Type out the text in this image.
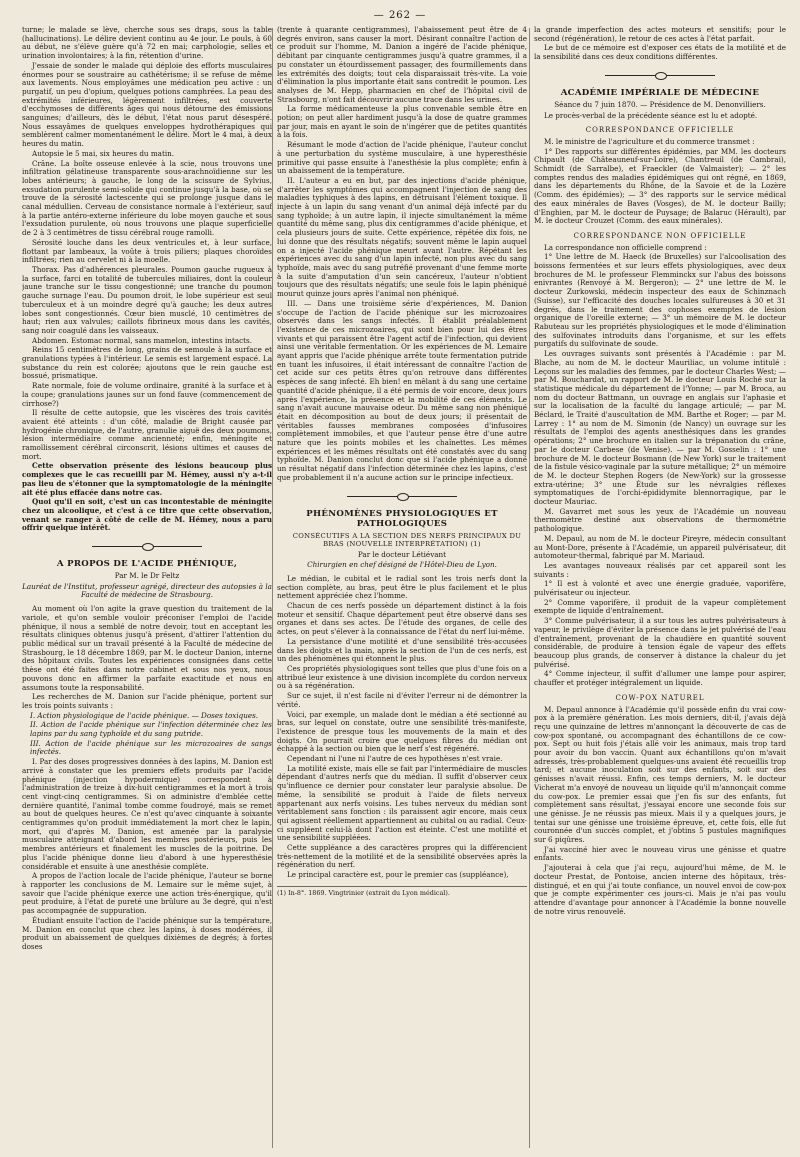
— 262 —

turne; le malade se lève, cherche sous ses draps, sous la table (hallucinations). Le délire devient continu au 4e jour. Le pouls, à 60 au début, ne s'élève guère qu'à 72 en mai; carphologie, selles et urination involontaires; à la fin, rétention d'urine.

J'essaie de sonder le malade qui déploie des efforts musculaires énormes pour se soustraire au cathétérisme; il se refuse de même aux lavements. Nous employâmes une médication peu active : un purgatif, un peu d'opium, quelques potions camphrées. La peau des extrémités inférieures, légèrement infiltrées, est couverte d'ecchymoses de différents âges qui nous détourne des émissions sanguines; d'ailleurs, dès le début, l'état nous parut désespéré. Nous essayâmes de quelques enveloppes hydrothérapiques qui semblèrent calmer momentanément le délire. Mort le 4 mai, à deux heures du matin.

Autopsie le 5 mai, six heures du matin.

Crâne. La boîte osseuse enlevée à la scie, nous trouvons une infiltration gélatineuse transparente sous-arachnoïdienne sur les lobes antérieurs; à gauche, le long de la scissure de Sylvius, exsudation purulente semi-solide qui continue jusqu'à la base, où se trouve de la sérosité lactescente qui se prolonge jusque dans le canal médullien. Cerveau de consistance normale à l'extérieur, sauf à la partie antéro-externe inférieure du lobe moyen gauche et sous l'exsudation purulente, où nous trouvons une plaque superficielle de 2 à 3 centimètres de tissu cérébral rouge ramolli.

Sérosité louche dans les deux ventricules et, à leur surface, flottant par lambeaux, la voûte à trois piliers; plaques choroïdes infiltrées; rien au cervelet ni à la moelle.

Thorax. Pas d'adhérences pleurales. Poumon gauche rugueux à la surface, farci en totalité de tubercules miliaires, dont la couleur jaune tranche sur le tissu congestionné; une tranche du poumon gauche surnage l'eau. Du poumon droit, le lobe supérieur est seul tuberculeux et à un moindre degré qu'à gauche; les deux autres lobes sont congestionnés. Cœur bien musclé, 10 centimètres de haut; rien aux valvules; caillots fibrineux mous dans les cavités, sang noir coagulé dans les vaisseaux.

Abdomen. Estomac normal, sans mamelon, intestins intacts.

Reins 15 centimètres de long, grains de semoule à la surface et granulations typées à l'intérieur. Le semis est largement espacé. La substance du rein est colorée; ajoutons que le rein gauche est bossué, prismatique.

Rate normale, foie de volume ordinaire, granité à la surface et à la coupe; granulations jaunes sur un fond fauve (commencement de cirrhose?)

Il résulte de cette autopsie, que les viscères des trois cavités avaient été atteints : d'un côté, maladie de Bright causée par hydrogénie chronique, de l'autre, granulie aiguë des deux poumons, lésion intermédiaire comme ancienneté; enfin, méningite et ramollissement cérébral circonscrit, lésions ultimes et causes de mort.

Cette observation présente des lésions beaucoup plus complexes que le cas recueilli par M. Hémey, aussi n'y a-t-il pas lieu de s'étonner que la symptomatologie de la méningite ait été plus effacée dans notre cas.

Quoi qu'il en soit, c'est un cas incontestable de méningite chez un alcoolique, et c'est à ce titre que cette observation, venant se ranger à côté de celle de M. Hémey, nous a paru offrir quelque intérêt.

A PROPOS DE L'ACIDE PHÉNIQUE,

Par M. le Dr Feltz

Lauréat de l'Institut, professeur agrégé, directeur des autopsies à la Faculté de médecine de Strasbourg.

Au moment où l'on agite la grave question du traitement de la variole, et qu'on semble vouloir préconiser l'emploi de l'acide phénique, il nous a semblé de notre devoir, tout en acceptant les résultats cliniques obtenus jusqu'à présent, d'attirer l'attention du public médical sur un travail présenté à la Faculté de médecine de Strasbourg, le 18 décembre 1869, par M. le docteur Danion, interne des hôpitaux civils. Toutes les expériences consignées dans cette thèse ont été faites dans notre cabinet et sous nos yeux, nous pouvons donc en affirmer la parfaite exactitude et nous en assumons toute la responsabilité.

Les recherches de M. Danion sur l'acide phénique, portent sur les trois points suivants :

I. Action physiologique de l'acide phénique. — Doses toxiques.

II. Action de l'acide phénique sur l'infection déterminée chez les lapins par du sang typhoïde et du sang putride.

III. Action de l'acide phénique sur les microzoaires de sangs infectés.

I. Par des doses progressives données à des lapins, M. Danion est arrivé à constater que les premiers effets produits par l'acide phénique (injection hypodermique) correspondent à l'administration de treize à dix-huit centigrammes et la mort à trois cent vingt-cinq centigrammes. Si on administre d'emblée cette dernière quantité, l'animal tombe comme foudroyé, mais se remet au bout de quelques heures. Ce n'est qu'avec cinquante à soixante centigrammes qu'on produit immédiatement la mort chez le lapin, mort, qui d'après M. Danion, est amenée par la paralysie musculaire atteignant d'abord les membres postérieurs, puis les membres antérieurs et finalement les muscles de la poitrine. De plus l'acide phénique donne lieu d'abord à une hyperesthésie considérable et ensuite à une anesthésie complète.

A propos de l'action locale de l'acide phénique, l'auteur se borne à rapporter les conclusions de M. Lemaire sur le même sujet, à savoir que l'acide phénique exerce une action très-énergique, qu'il peut produire, à l'état de pureté une brûlure au 3e degré, qui n'est pas accompagnée de suppuration.

Étudiant ensuite l'action de l'acide phénique sur la température, M. Danion en conclut que chez les lapins, à doses modérées, il produit un abaissement de quelques dixièmes de degrés; à fortes doses

(trente à quarante centigrammes), l'abaissement peut être de 4 degrés environ, sans causer la mort. Désirant connaître l'action de ce produit sur l'homme, M. Danion a ingéré de l'acide phénique, débitant par cinquante centigrammes jusqu'à quatre grammes, il a pu constater un étourdissement passager, des fourmillements dans les extrémités des doigts; tout cela disparaissait très-vite. La voie d'élimination la plus importante était sans contredit le poumon. Les analyses de M. Hepp, pharmacien en chef de l'hôpital civil de Strasbourg, n'ont fait découvrir aucune trace dans les urines.

La forme médicamenteuse la plus convenable semble être en potion; on peut aller hardiment jusqu'à la dose de quatre grammes par jour, mais en ayant le soin de n'ingérer que de petites quantités à la fois.

Résumant le mode d'action de l'acide phénique, l'auteur conclut à une perturbation du système musculaire, à une hyperesthésie primitive qui passe ensuite à l'anesthésie la plus complète; enfin à un abaissement de la température.

II. L'auteur a eu en but, par des injections d'acide phénique, d'arrêter les symptômes qui accompagnent l'injection de sang des maladies typhiques à des lapins, en détruisant l'élément toxique. Il injecte à un lapin du sang venant d'un animal déjà infecté par du sang typhoïde; à un autre lapin, il injecte simultanément la même quantité du même sang, plus dix centigrammes d'acide phénique, et cela plusieurs jours de suite. Cette expérience, répétée dix fois, ne lui donne que des résultats négatifs; souvent même le lapin auquel on a injecté l'acide phénique meurt avant l'autre. Répétant les expériences avec du sang d'un lapin infecté, non plus avec du sang typhoïde, mais avec du sang putréfié provenant d'une femme morte à la suite d'amputation d'un sein cancéreux, l'auteur n'obtient toujours que des résultats négatifs; une seule fois le lapin phéniqué mourut quinze jours après l'animal non phéniqué.

III. — Dans une troisième série d'expériences, M. Danion s'occupe de l'action de l'acide phénique sur les microzoaires observés dans les sangs infectés. Il établit préalablement l'existence de ces microzoaires, qui sont bien pour lui des êtres vivants et qui paraissent être l'agent actif de l'infection, qui devient ainsi une véritable fermentation. Or les expériences de M. Lemaire ayant appris que l'acide phénique arrête toute fermentation putride en tuant les infusoires, il était intéressant de connaître l'action de cet acide sur ces petits êtres qu'on retrouve dans différentes espèces de sang infecté. Eh bien! en mêlant à du sang une certaine quantité d'acide phénique, il a été permis de voir encore, deux jours après l'expérience, la présence et la mobilité de ces éléments. Le sang n'avait aucune mauvaise odeur. Du même sang non phéniqué était en décomposition au bout de deux jours; il présentait de véritables fausses membranes composées d'infusoires complètement immobiles, et que l'auteur pense être d'une autre nature que les points mobiles et les chaînettes. Les mêmes expériences et les mêmes résultats ont été constatés avec du sang typhoïde. M. Danion conclut donc que si l'acide phénique a donné un résultat négatif dans l'infection déterminée chez les lapins, c'est que probablement il n'a aucune action sur le principe infectieux.

PHÉNOMÈNES PHYSIOLOGIQUES ET PATHOLOGIQUES

CONSÉCUTIFS A LA SECTION DES NERFS PRINCIPAUX DU BRAS (NOUVELLE INTERPRÉTATION) (1)

Par le docteur Létiévant

Chirurgien en chef désigné de l'Hôtel-Dieu de Lyon.

Le médian, le cubital et le radial sont les trois nerfs dont la section complète, au bras, peut être le plus facilement et le plus nettement appréciée chez l'homme.

Chacun de ces nerfs possède un département distinct à la fois moteur et sensitif. Chaque département peut être observé dans ses organes et dans ses actes. De l'étude des organes, de celle des actes, on peut s'élever à la connaissance de l'état du nerf lui-même.

La persistance d'une motilité et d'une sensibilité très-accusées dans les doigts et la main, après la section de l'un de ces nerfs, est un des phénomènes qui étonnent le plus.

Ces propriétés physiologiques sont telles que plus d'une fois on a attribué leur existence à une division incomplète du cordon nerveux ou à sa régénération.

Sur ce sujet, il n'est facile ni d'éviter l'erreur ni de démontrer la vérité.

Voici, par exemple, un malade dont le médian a été sectionné au bras, sur lequel on constate, outre une sensibilité très-manifeste, l'existence de presque tous les mouvements de la main et des doigts. On pourrait croire que quelques fibres du médian ont échappé à la section ou bien que le nerf s'est régénéré.

Cependant ni l'une ni l'autre de ces hypothèses n'est vraie.

La motilité existe, mais elle se fait par l'intermédiaire de muscles dépendant d'autres nerfs que du médian. Il suffit d'observer ceux qu'influence ce dernier pour constater leur paralysie absolue. De même, la sensibilité se produit à l'aide de filets nerveux appartenant aux nerfs voisins. Les tubes nerveux du médian sont véritablement sans fonction : ils paraissent agir encore, mais ceux qui agissent réellement appartiennent au cubital ou au radial. Ceux-ci suppléent celui-là dont l'action est éteinte. C'est une motilité et une sensibilité suppléées.

Cette suppléance a des caractères propres qui la différencient très-nettement de la motilité et de la sensibilité observées après la régénération du nerf.

Le principal caractère est, pour le premier cas (suppléance),

(1) In-8°. 1869. Vingtrinier (extrait du Lyon médical).

la grande imperfection des actes moteurs et sensitifs; pour le second (régénération), le retour de ces actes à l'état parfait.

Le but de ce mémoire est d'exposer ces états de la motilité et de la sensibilité dans ces deux conditions différentes.

ACADÉMIE IMPÉRIALE DE MÉDECINE

Séance du 7 juin 1870. — Présidence de M. Denonvilliers.

Le procès-verbal de la précédente séance est lu et adopté.

CORRESPONDANCE OFFICIELLE

M. le ministre de l'agriculture et du commerce transmet :

1° Des rapports sur différentes épidémies, par MM. les docteurs Chipault (de Châteauneuf-sur-Loire), Chantreuil (de Cambrai), Schmidt (de Sarralbe), et Fraeckler (de Valmaister); — 2° les comptes rendus des maladies épidémiques qui ont régné, en 1869, dans les départements du Rhône, de la Savoie et de la Lozère (Comm. des épidémies); — 3° des rapports sur le service médical des eaux minérales de Baves (Vosges), de M. le docteur Bailly; d'Enghien, par M. le docteur de Puysage; de Balaruc (Hérault), par M. le docteur Crouzet (Comm. des eaux minérales).

CORRESPONDANCE NON OFFICIELLE

La correspondance non officielle comprend :

1° Une lettre de M. Haeck (de Bruxelles) sur l'alcoolisation des boissons fermentées et sur leurs effets physiologiques, avec deux brochures de M. le professeur Flemminckx sur l'abus des boissons enivrantes (Renvoyé à M. Bergeron); — 2° une lettre de M. le docteur Zurkowski, médecin inspecteur des eaux de Schinznach (Suisse), sur l'efficacité des douches locales sulfureuses à 30 et 31 degrés, dans le traitement des cophoses exemptes de lésion organique de l'oreille externe; — 3° un mémoire de M. le docteur Rabuteau sur les propriétés physiologiques et le mode d'élimination des sulfovinates introduits dans l'organisme, et sur les effets purgatifs du sulfovinate de soude.

Les ouvrages suivants sont présentés à l'Académie : par M. Blache, au nom de M. le docteur Mauriliac, un volume intitulé : Leçons sur les maladies des femmes, par le docteur Charles West; — par M. Bouchardat, un rapport de M. le docteur Louis Roché sur la statistique médicale du département de l'Yonne; — par M. Broca, au nom du docteur Battmann, un ouvrage en anglais sur l'aphasie et sur la localisation de la faculté du langage articulé; — par M. Béclard, le Traité d'auscultation de MM. Barthe et Roger; — par M. Larrey : 1° au nom de M. Simonin (de Nancy) un ouvrage sur les résultats de l'emploi des agents anesthésiques dans les grandes opérations; 2° une brochure en italien sur la trépanation du crâne, par le docteur Carbese (de Venise). — par M. Gosselin : 1° une brochure de M. le docteur Bosmann (de New York) sur le traitement de la fistule vésico-vaginale par la suture métallique; 2° un mémoire de M. le docteur Stephen Rogers (de New-York) sur la grossesse extra-utérine; 3° une Étude sur les névralgies réflexes symptomatiques de l'orchi-épididymite blennorragique, par le docteur Mauriac.

M. Gavarret met sous les yeux de l'Académie un nouveau thermomètre destiné aux observations de thermométrie pathologique.

M. Depaul, au nom de M. le docteur Pireyre, médecin consultant au Mont-Dore, présente à l'Académie, un appareil pulvérisateur, dit automoteur-thermal, fabriqué par M. Mariaud.

Les avantages nouveaux réalisés par cet appareil sont les suivants :

1° Il est à volonté et avec une énergie graduée, vaporifère, pulvérisateur ou injecteur.

2° Comme vaporifère, il produit de la vapeur complètement exempte de liquide d'entraînement.

3° Comme pulvérisateur, il a sur tous les autres pulvérisateurs à vapeur, le privilège d'éviter la présence dans le jet pulvérisé de l'eau d'entraînement, provenant de la chaudière en quantité souvent considérable, de produire à tension égale de vapeur des effets beaucoup plus grands, de conserver à distance la chaleur du jet pulvérisé.

4° Comme injecteur, il suffit d'allumer une lampe pour aspirer, chauffer et protéger intégralement un liquide.

COW-POX NATUREL

M. Depaul annonce à l'Académie qu'il possède enfin du vrai cow-pox à la première génération. Les mois derniers, dit-il, j'avais déjà reçu une quinzaine de lettres m'annonçant la découverte de cas de cow-pox spontané, ou accompagnant des échantillons de ce cow-pox. Sept ou huit fois j'étais allé voir les animaux, mais trop tard pour avoir du bon vaccin. Quant aux échantillons qu'on m'avait adressés, très-probablement quelques-uns avaient été recueillis trop tard; et aucune inoculation soit sur des enfants, soit sur des génisses n'avait réussi. Enfin, ces temps derniers, M. le docteur Vicherat m'a envoyé de nouveau un liquide qu'il m'annonçait comme du cow-pox. Le premier essai que j'en fis sur des enfants, fut complètement sans résultat, j'essayai encore une seconde fois sur une génisse. Je ne réussis pas mieux. Mais il y a quelques jours, je tentai sur une génisse une troisième épreuve, et, cette fois, elle fut couronnée d'un succès complet, et j'obtins 5 pustules magnifiques sur 6 piqûres.

J'ai vacciné hier avec le nouveau virus une génisse et quatre enfants.

J'ajouterai à cela que j'ai reçu, aujourd'hui même, de M. le docteur Prestat, de Pontoise, ancien interne des hôpitaux, très-distingué, et en qui j'ai toute confiance, un nouvel envoi de cow-pox que je compte expérimenter ces jours-ci. Mais je n'ai pas voulu attendre d'avantage pour annoncer à l'Académie la bonne nouvelle de notre virus renouvelé.
